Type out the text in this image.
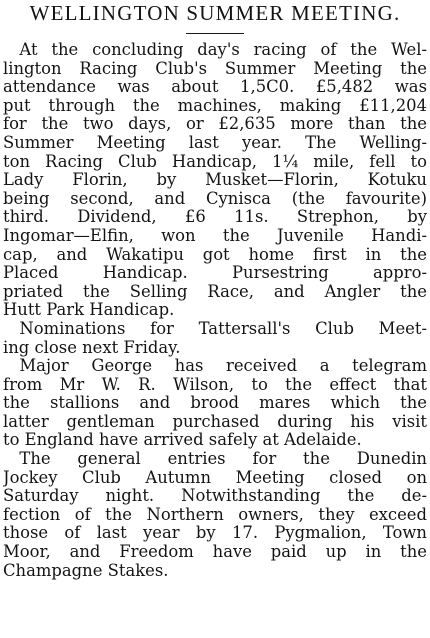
WELLINGTON SUMMER MEETING.
At the concluding day's racing of the Wel-
lington Racing Club's Summer Meeting the
attendance was about 1,5C0. £5,482 was
put through the machines, making £11,204
for the two days, or £2,635 more than the
Summer Meeting last year. The Welling-
ton Racing Club Handicap, 1¼ mile, fell to
Lady Florin, by Musket—Florin, Kotuku
being second, and Cynisca (the favourite)
third. Dividend, £6 11s. Strephon, by
Ingomar—Elfin, won the Juvenile Handi-
cap, and Wakatipu got home first in the
Placed Handicap. Pursestring appro-
priated the Selling Race, and Angler the
Hutt Park Handicap.
Nominations for Tattersall's Club Meet-
ing close next Friday.
Major George has received a telegram
from Mr W. R. Wilson, to the effect that
the stallions and brood mares which the
latter gentleman purchased during his visit
to England have arrived safely at Adelaide.
The general entries for the Dunedin
Jockey Club Autumn Meeting closed on
Saturday night. Notwithstanding the de-
fection of the Northern owners, they exceed
those of last year by 17. Pygmalion, Town
Moor, and Freedom have paid up in the
Champagne Stakes.
